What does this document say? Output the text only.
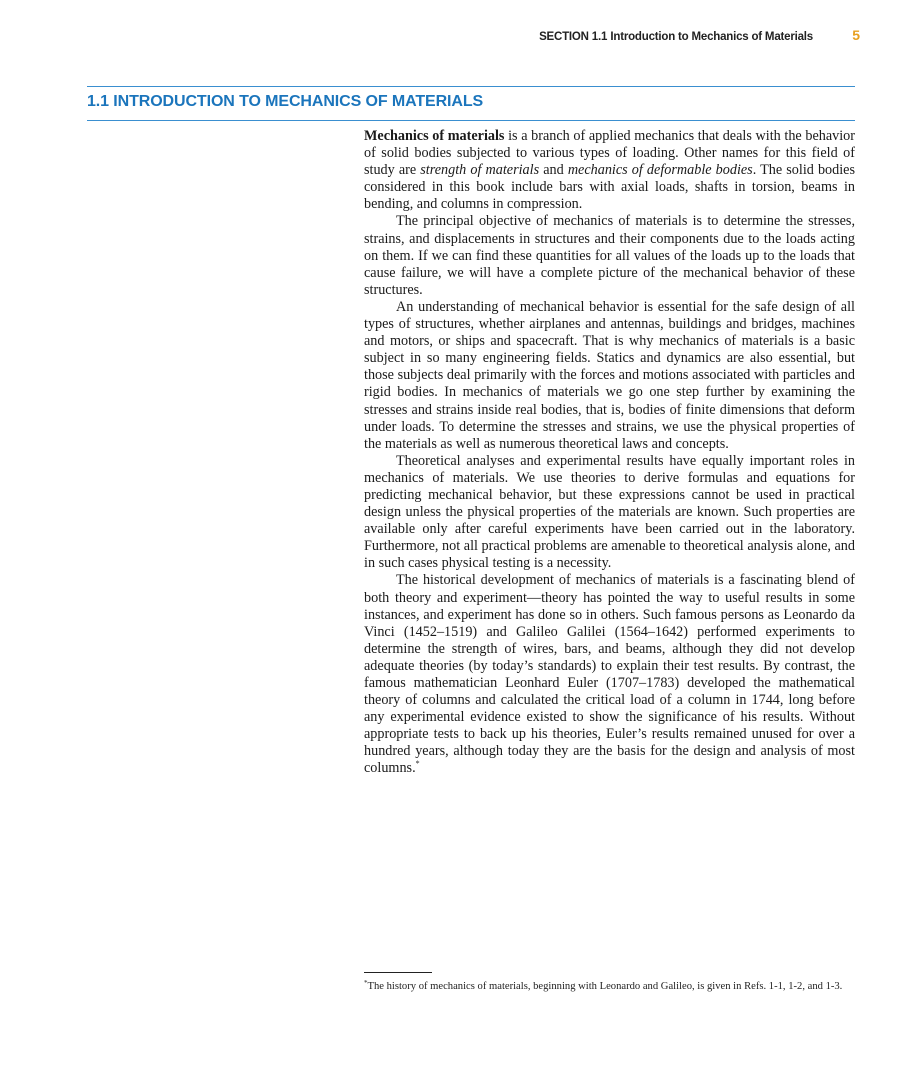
SECTION 1.1 Introduction to Mechanics of Materials	5
1.1 INTRODUCTION TO MECHANICS OF MATERIALS

Mechanics of materials is a branch of applied mechanics that deals with the behavior of solid bodies subjected to various types of loading. Other names for this field of study are strength of materials and mechanics of deformable bodies. The solid bodies considered in this book include bars with axial loads, shafts in torsion, beams in bending, and columns in compression.

The principal objective of mechanics of materials is to determine the stresses, strains, and displacements in structures and their components due to the loads acting on them. If we can find these quantities for all values of the loads up to the loads that cause failure, we will have a complete picture of the mechanical behavior of these structures.

An understanding of mechanical behavior is essential for the safe design of all types of structures, whether airplanes and antennas, buildings and bridges, machines and motors, or ships and spacecraft. That is why mechanics of materials is a basic subject in so many engineering fields. Statics and dynamics are also essential, but those subjects deal primarily with the forces and motions associated with particles and rigid bodies. In mechanics of materials we go one step further by examining the stresses and strains inside real bodies, that is, bodies of finite dimensions that deform under loads. To determine the stresses and strains, we use the physical properties of the materials as well as numerous theoretical laws and concepts.

Theoretical analyses and experimental results have equally important roles in mechanics of materials. We use theories to derive formulas and equations for predicting mechanical behavior, but these expressions cannot be used in practical design unless the physical properties of the materials are known. Such properties are available only after careful experiments have been carried out in the laboratory. Furthermore, not all practical problems are amenable to theoretical analysis alone, and in such cases physical testing is a necessity.

The historical development of mechanics of materials is a fascinating blend of both theory and experiment—theory has pointed the way to useful results in some instances, and experiment has done so in others. Such famous persons as Leonardo da Vinci (1452–1519) and Galileo Galilei (1564–1642) performed experiments to determine the strength of wires, bars, and beams, although they did not develop adequate theories (by today’s standards) to explain their test results. By contrast, the famous mathematician Leonhard Euler (1707–1783) developed the mathematical theory of columns and calculated the critical load of a column in 1744, long before any experimental evidence existed to show the significance of his results. Without appropriate tests to back up his theories, Euler’s results remained unused for over a hundred years, although today they are the basis for the design and analysis of most columns.*

*The history of mechanics of materials, beginning with Leonardo and Galileo, is given in Refs. 1-1, 1-2, and 1-3.
